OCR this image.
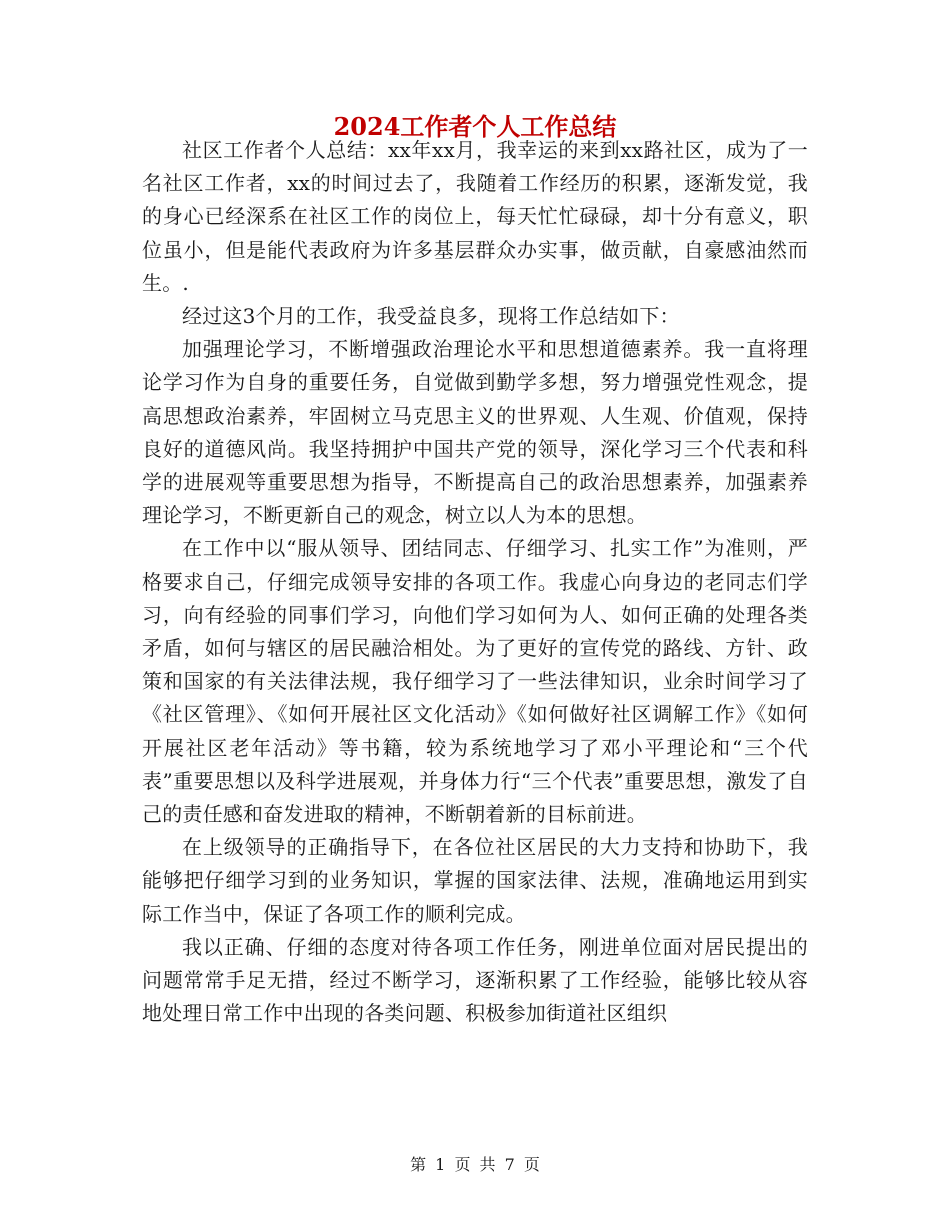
2024工作者个人工作总结

社区工作者个人总结：xx年xx月，我幸运的来到xx路社区，成为了一名社区工作者，xx的时间过去了，我随着工作经历的积累，逐渐发觉，我的身心已经深系在社区工作的岗位上，每天忙忙碌碌，却十分有意义，职位虽小，但是能代表政府为许多基层群众办实事，做贡献，自豪感油然而生。.

经过这3个月的工作，我受益良多，现将工作总结如下：

加强理论学习，不断增强政治理论水平和思想道德素养。我一直将理论学习作为自身的重要任务，自觉做到勤学多想，努力增强党性观念，提高思想政治素养，牢固树立马克思主义的世界观、人生观、价值观，保持良好的道德风尚。我坚持拥护中国共产党的领导，深化学习三个代表和科学的进展观等重要思想为指导，不断提高自己的政治思想素养，加强素养理论学习，不断更新自己的观念，树立以人为本的思想。

在工作中以“服从领导、团结同志、仔细学习、扎实工作”为准则，严格要求自己，仔细完成领导安排的各项工作。我虚心向身边的老同志们学习，向有经验的同事们学习，向他们学习如何为人、如何正确的处理各类矛盾，如何与辖区的居民融洽相处。为了更好的宣传党的路线、方针、政策和国家的有关法律法规，我仔细学习了一些法律知识，业余时间学习了《社区管理》、《如何开展社区文化活动》《如何做好社区调解工作》《如何开展社区老年活动》等书籍，较为系统地学习了邓小平理论和“三个代表”重要思想以及科学进展观，并身体力行“三个代表”重要思想，激发了自己的责任感和奋发进取的精神，不断朝着新的目标前进。

在上级领导的正确指导下，在各位社区居民的大力支持和协助下，我能够把仔细学习到的业务知识，掌握的国家法律、法规，准确地运用到实际工作当中，保证了各项工作的顺利完成。

我以正确、仔细的态度对待各项工作任务，刚进单位面对居民提出的问题常常手足无措，经过不断学习，逐渐积累了工作经验，能够比较从容地处理日常工作中出现的各类问题、积极参加街道社区组织

第 1 页 共 7 页
